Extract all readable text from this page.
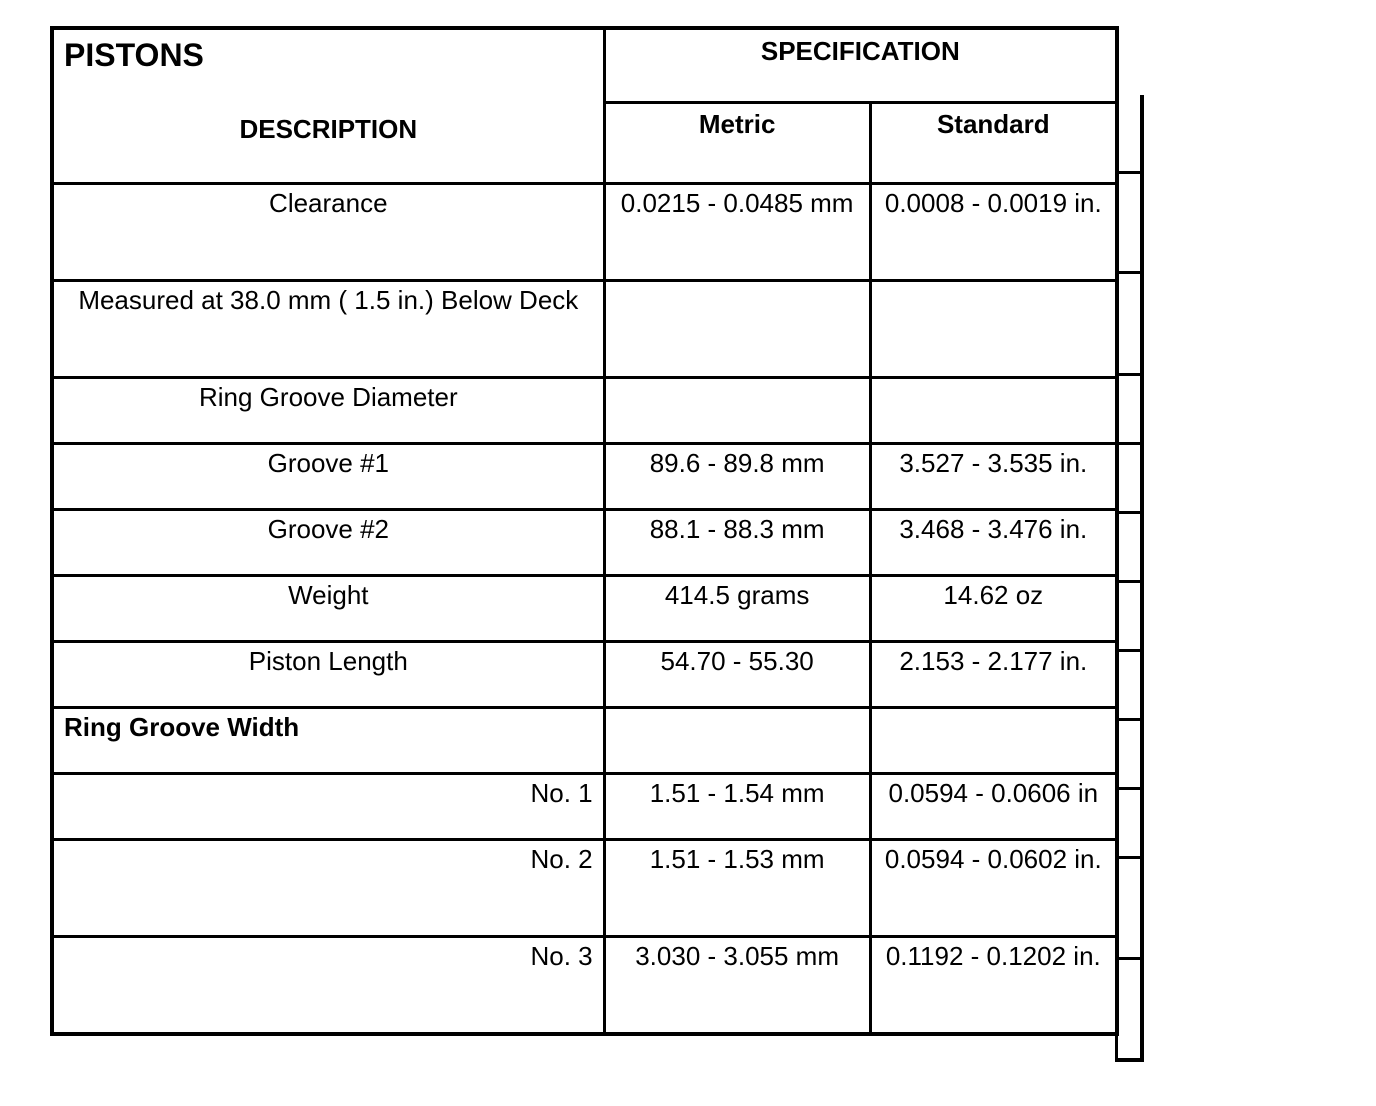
PISTONS	SPECIFICATION	

DESCRIPTION	Metric	Standard
Clearance	0.0215 - 0.0485 mm	0.0008 - 0.0019 in.
Measured at 38.0 mm ( 1.5 in.) Below Deck		
Ring Groove Diameter		
Groove #1	89.6 - 89.8 mm	3.527 - 3.535 in.
Groove #2	88.1 - 88.3 mm	3.468 - 3.476 in.
Weight	414.5 grams	14.62 oz
Piston Length	54.70 - 55.30	2.153 - 2.177 in.
Ring Groove Width		
No. 1	1.51 - 1.54 mm	0.0594 - 0.0606 in
No. 2	1.51 - 1.53 mm	0.0594 - 0.0602 in.
No. 3	3.030 - 3.055 mm	0.1192 - 0.1202 in.
